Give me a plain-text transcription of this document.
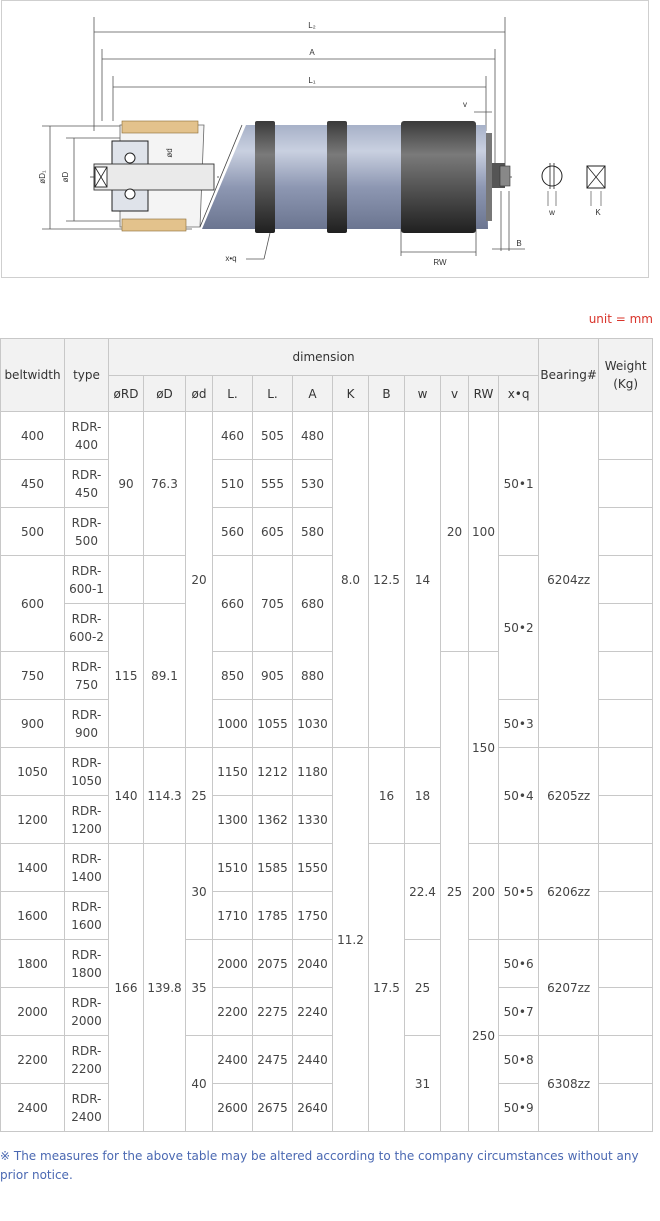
L₂
A
L₁
v
x•q	RW
B
w	K
øD₁ øD
ød
unit = mm
beltwidth	type	dimension												Bearing#	Weight (Kg)
		øRD	øD	ød	L.	L.	A	K	B	w	v	RW	x•q		
400	RDR-400	90	76.3	20	460	505	480	8.0	12.5	14	20	100	50•1	6204zz	
450	RDR-450				510	555	530								
500	RDR-500				560	605	580								
600	RDR-600-1				660	705	680						50•2		
	RDR-600-2	115	89.1												
750	RDR-750				850	905	880				25	150			
900	RDR-900				1000	1055	1030						50•3		
1050	RDR-1050	140	114.3	25	1150	1212	1180	11.2	16	18			50•4	6205zz	
1200	RDR-1200				1300	1362	1330								
1400	RDR-1400	166	139.8	30	1510	1585	1550		17.5	22.4		200	50•5	6206zz	
1600	RDR-1600				1710	1785	1750								
1800	RDR-1800			35	2000	2075	2040			25		250	50•6	6207zz	
2000	RDR-2000				2200	2275	2240						50•7		
2200	RDR-2200			40	2400	2475	2440			31			50•8	6308zz	
2400	RDR-2400				2600	2675	2640						50•9		
※ The measures for the above table may be altered according to the company circumstances without any prior notice.
